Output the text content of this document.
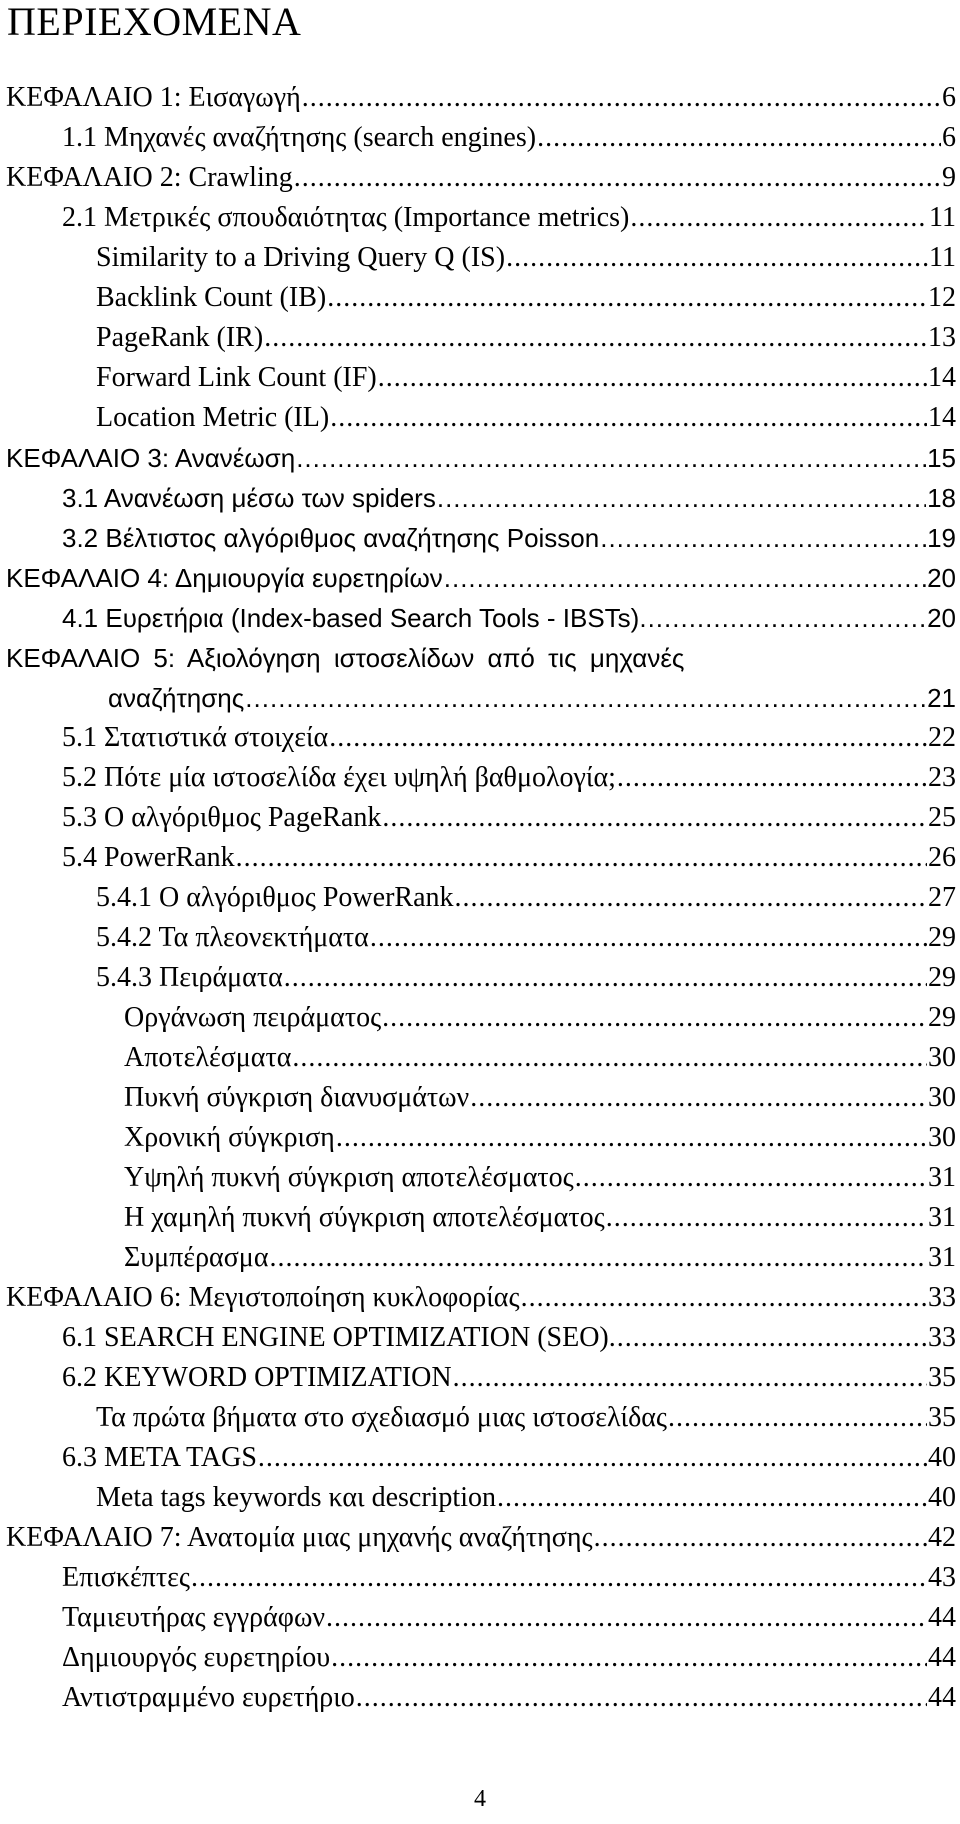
ΠΕΡΙΕΧΟΜΕΝΑ
ΚΕΦΑΛΑΙΟ 1: Εισαγωγή .....	6
1.1 Μηχανές αναζήτησης (search engines) .....	6
ΚΕΦΑΛΑΙΟ 2: Crawling .....	9
2.1 Μετρικές σπουδαιότητας (Importance metrics) .....	11
Similarity to a Driving Query Q (IS) .....	11
Backlink Count (IB) .....	12
PageRank (IR) .....	13
Forward Link Count (IF) .....	14
Location Metric (IL) .....	14
ΚΕΦΑΛΑΙΟ 3: Ανανέωση .....	15
3.1 Ανανέωση μέσω των spiders .....	18
3.2 Βέλτιστος αλγόριθμος αναζήτησης Poisson .....	19
ΚΕΦΑΛΑΙΟ 4: Δημιουργία ευρετηρίων .....	20
4.1 Ευρετήρια (Index-based Search Tools - IBSTs). .....	20
ΚΕΦΑΛΑΙΟ 5: Αξιολόγηση ιστοσελίδων από τις μηχανές
αναζήτησης .....	21
5.1 Στατιστικά στοιχεία .....	22
5.2 Πότε μία ιστοσελίδα έχει υψηλή βαθμολογία; .....	23
5.3 Ο αλγόριθμος PageRank .....	25
5.4 PowerRank .....	26
5.4.1 Ο αλγόριθμος PowerRank .....	27
5.4.2 Τα πλεονεκτήματα .....	29
5.4.3 Πειράματα .....	29
Οργάνωση πειράματος .....	29
Αποτελέσματα .....	30
Πυκνή σύγκριση διανυσμάτων .....	30
Χρονική σύγκριση .....	30
Υψηλή πυκνή σύγκριση αποτελέσματος .....	31
Η χαμηλή πυκνή σύγκριση αποτελέσματος .....	31
Συμπέρασμα .....	31
ΚΕΦΑΛΑΙΟ 6: Μεγιστοποίηση κυκλοφορίας .....	33
6.1 SEARCH ENGINE OPTIMIZATION (SEO). .....	33
6.2 KEYWORD OPTIMIZATION .....	35
Τα πρώτα βήματα στο σχεδιασμό μιας ιστοσελίδας .....	35
6.3 META TAGS .....	40
Meta tags keywords και description .....	40
ΚΕΦΑΛΑΙΟ 7: Ανατομία μιας μηχανής αναζήτησης .....	42
Επισκέπτες .....	43
Ταμιευτήρας εγγράφων .....	44
Δημιουργός ευρετηρίου .....	44
Αντιστραμμένο ευρετήριο .....	44
4
